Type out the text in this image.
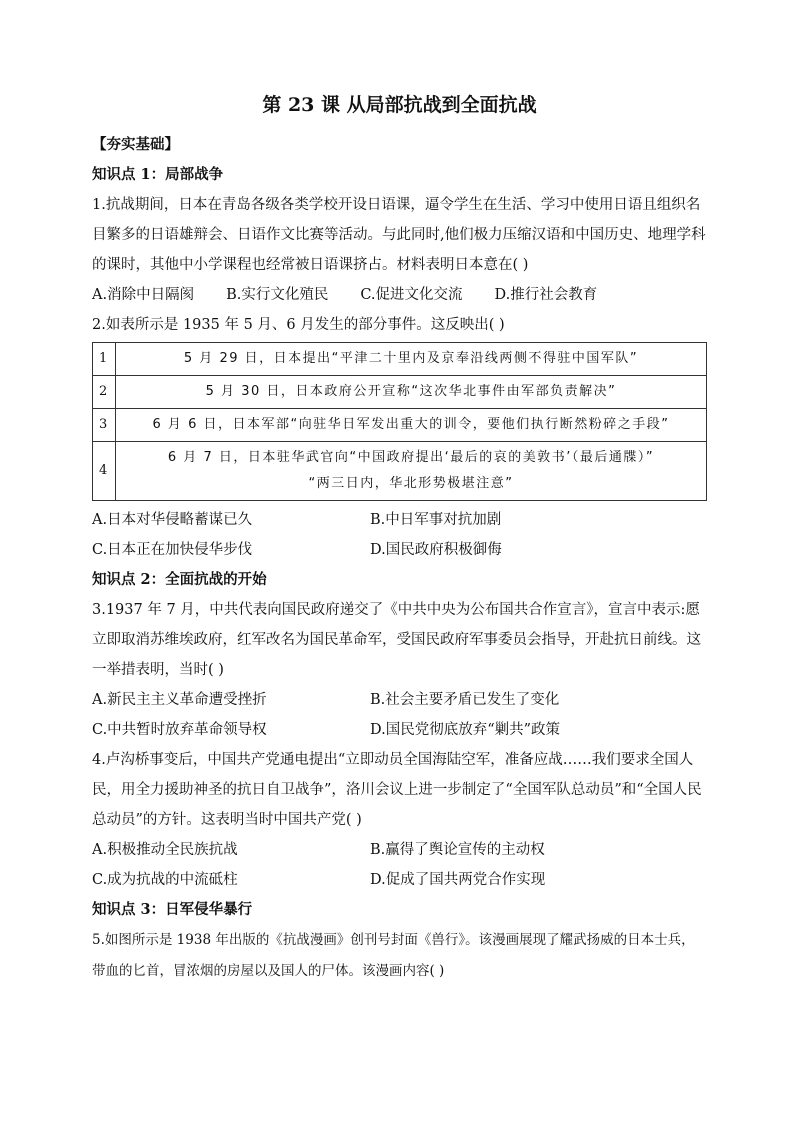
第 23 课 从局部抗战到全面抗战

【夯实基础】

知识点 1：局部战争

1.抗战期间，日本在青岛各级各类学校开设日语课，逼令学生在生活、学习中使用日语且组织名目繁多的日语雄辩会、日语作文比赛等活动。与此同时,他们极力压缩汉语和中国历史、地理学科的课时，其他中小学课程也经常被日语课挤占。材料表明日本意在( )

A.消除中日隔阂 B.实行文化殖民 C.促进文化交流 D.推行社会教育

2.如表所示是 1935 年 5 月、6 月发生的部分事件。这反映出( )

1	5 月 29 日，日本提出“平津二十里内及京奉沿线两侧不得驻中国军队”
2	5 月 30 日，日本政府公开宣称“这次华北事件由军部负责解决”
3	6 月 6 日，日本军部“向驻华日军发出重大的训令，要他们执行断然粉碎之手段”
4	6 月 7 日，日本驻华武官向“中国政府提出‘最后的哀的美敦书’（最后通牒）”
“两三日内，华北形势极堪注意”
A.日本对华侵略蓄谋已久	B.中日军事对抗加剧
C.日本正在加快侵华步伐	D.国民政府积极御侮

知识点 2：全面抗战的开始

3.1937 年 7 月，中共代表向国民政府递交了《中共中央为公布国共合作宣言》，宣言中表示:愿立即取消苏维埃政府，红军改名为国民革命军，受国民政府军事委员会指导，开赴抗日前线。这一举措表明，当时( )

A.新民主主义革命遭受挫折	B.社会主要矛盾已发生了变化
C.中共暂时放弃革命领导权	D.国民党彻底放弃“剿共”政策

4.卢沟桥事变后，中国共产党通电提出“立即动员全国海陆空军，准备应战……我们要求全国人民，用全力援助神圣的抗日自卫战争”，洛川会议上进一步制定了“全国军队总动员”和“全国人民总动员”的方针。这表明当时中国共产党( )

A.积极推动全民族抗战	B.赢得了舆论宣传的主动权
C.成为抗战的中流砥柱	D.促成了国共两党合作实现

知识点 3：日军侵华暴行

5.如图所示是 1938 年出版的《抗战漫画》创刊号封面《兽行》。该漫画展现了耀武扬威的日本士兵，带血的匕首，冒浓烟的房屋以及国人的尸体。该漫画内容( )
